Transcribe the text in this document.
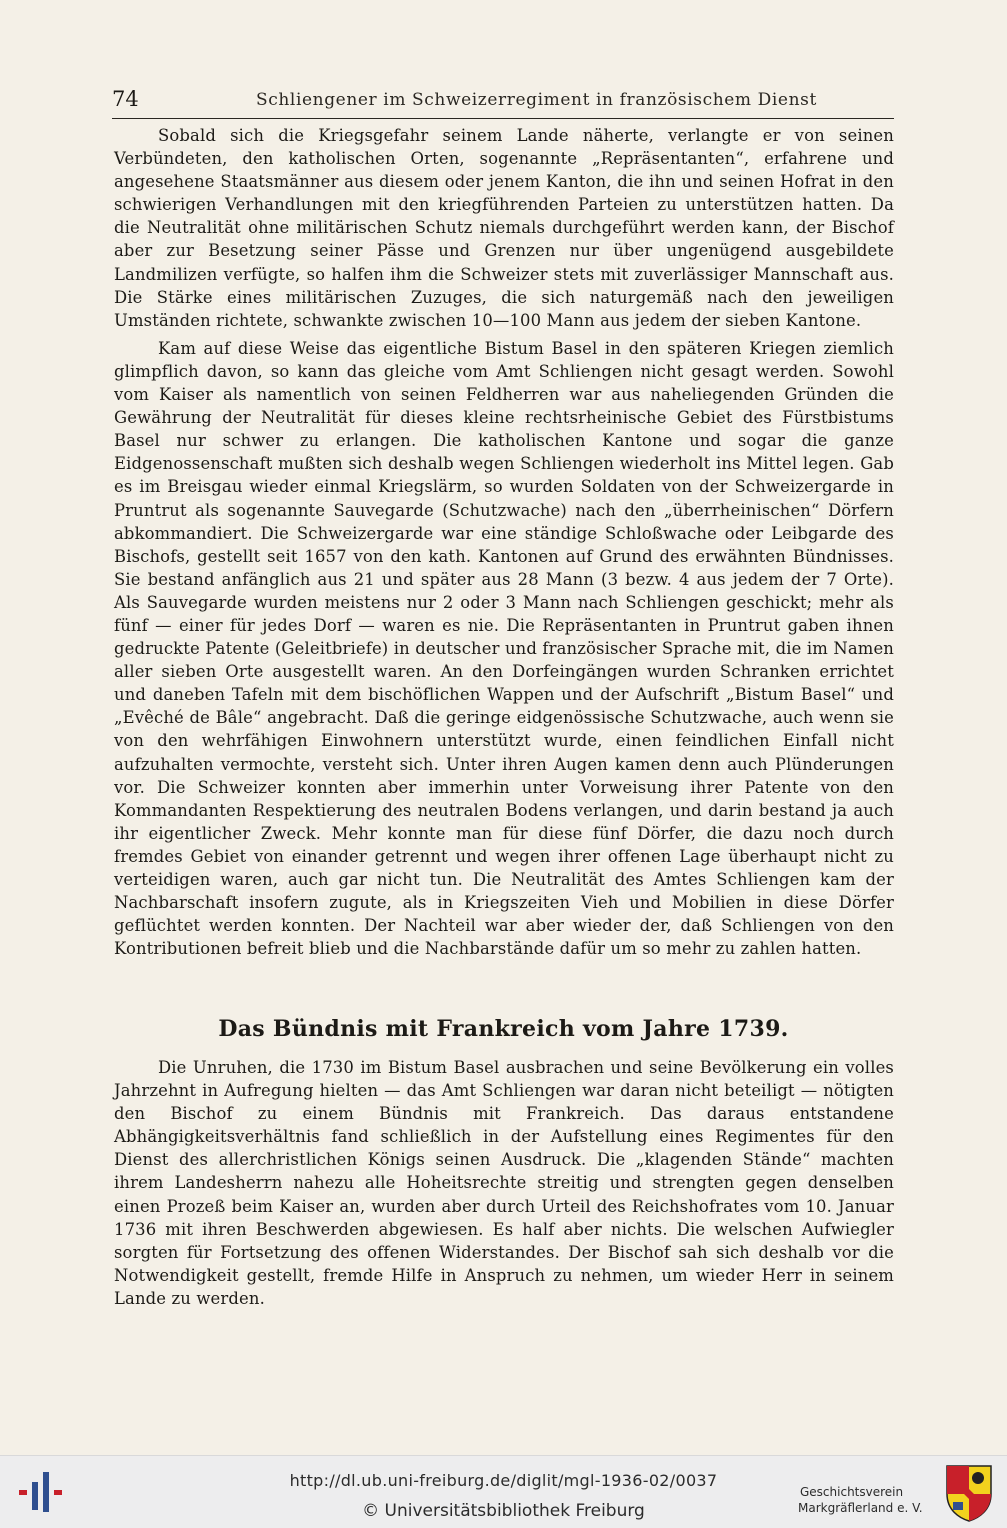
74	Schliengener im Schweizerregiment in französischem Dienst

Sobald sich die Kriegsgefahr seinem Lande näherte, verlangte er von seinen Verbündeten, den katholischen Orten, sogenannte „Repräsentanten“, erfahrene und angesehene Staatsmänner aus diesem oder jenem Kanton, die ihn und seinen Hofrat in den schwierigen Verhandlungen mit den kriegführenden Parteien zu unterstützen hatten. Da die Neutralität ohne militärischen Schutz niemals durchgeführt werden kann, der Bischof aber zur Besetzung seiner Pässe und Grenzen nur über ungenügend ausgebildete Landmilizen verfügte, so halfen ihm die Schweizer stets mit zuverlässiger Mannschaft aus. Die Stärke eines militärischen Zuzuges, die sich naturgemäß nach den jeweiligen Umständen richtete, schwankte zwischen 10—100 Mann aus jedem der sieben Kantone.

Kam auf diese Weise das eigentliche Bistum Basel in den späteren Kriegen ziemlich glimpflich davon, so kann das gleiche vom Amt Schliengen nicht gesagt werden. Sowohl vom Kaiser als namentlich von seinen Feldherren war aus naheliegenden Gründen die Gewährung der Neutralität für dieses kleine rechtsrheinische Gebiet des Fürstbistums Basel nur schwer zu erlangen. Die katholischen Kantone und sogar die ganze Eidgenossenschaft mußten sich deshalb wegen Schliengen wiederholt ins Mittel legen. Gab es im Breisgau wieder einmal Kriegslärm, so wurden Soldaten von der Schweizergarde in Pruntrut als sogenannte Sauvegarde (Schutzwache) nach den „überrheinischen“ Dörfern abkommandiert. Die Schweizergarde war eine ständige Schloßwache oder Leibgarde des Bischofs, gestellt seit 1657 von den kath. Kantonen auf Grund des erwähnten Bündnisses. Sie bestand anfänglich aus 21 und später aus 28 Mann (3 bezw. 4 aus jedem der 7 Orte). Als Sauvegarde wurden meistens nur 2 oder 3 Mann nach Schliengen geschickt; mehr als fünf — einer für jedes Dorf — waren es nie. Die Repräsentanten in Pruntrut gaben ihnen gedruckte Patente (Geleitbriefe) in deutscher und französischer Sprache mit, die im Namen aller sieben Orte ausgestellt waren. An den Dorfeingängen wurden Schranken errichtet und daneben Tafeln mit dem bischöflichen Wappen und der Aufschrift „Bistum Basel“ und „Evêché de Bâle“ angebracht. Daß die geringe eidgenössische Schutzwache, auch wenn sie von den wehrfähigen Einwohnern unterstützt wurde, einen feindlichen Einfall nicht aufzuhalten vermochte, versteht sich. Unter ihren Augen kamen denn auch Plünderungen vor. Die Schweizer konnten aber immerhin unter Vorweisung ihrer Patente von den Kommandanten Respektierung des neutralen Bodens verlangen, und darin bestand ja auch ihr eigentlicher Zweck. Mehr konnte man für diese fünf Dörfer, die dazu noch durch fremdes Gebiet von einander getrennt und wegen ihrer offenen Lage überhaupt nicht zu verteidigen waren, auch gar nicht tun. Die Neutralität des Amtes Schliengen kam der Nachbarschaft insofern zugute, als in Kriegszeiten Vieh und Mobilien in diese Dörfer geflüchtet werden konnten. Der Nachteil war aber wieder der, daß Schliengen von den Kontributionen befreit blieb und die Nachbarstände dafür um so mehr zu zahlen hatten.

Das Bündnis mit Frankreich vom Jahre 1739.

Die Unruhen, die 1730 im Bistum Basel ausbrachen und seine Bevölkerung ein volles Jahrzehnt in Aufregung hielten — das Amt Schliengen war daran nicht beteiligt — nötigten den Bischof zu einem Bündnis mit Frankreich. Das daraus entstandene Abhängigkeitsverhältnis fand schließlich in der Aufstellung eines Regimentes für den Dienst des allerchristlichen Königs seinen Ausdruck. Die „klagenden Stände“ machten ihrem Landesherrn nahezu alle Hoheitsrechte streitig und strengten gegen denselben einen Prozeß beim Kaiser an, wurden aber durch Urteil des Reichshofrates vom 10. Januar 1736 mit ihren Beschwerden abgewiesen. Es half aber nichts. Die welschen Aufwiegler sorgten für Fortsetzung des offenen Widerstandes. Der Bischof sah sich deshalb vor die Notwendigkeit gestellt, fremde Hilfe in Anspruch zu nehmen, um wieder Herr in seinem Lande zu werden.

http://dl.ub.uni-freiburg.de/diglit/mgl-1936-02/0037
© Universitätsbibliothek Freiburg
Geschichtsverein
Markgräflerland e. V.
